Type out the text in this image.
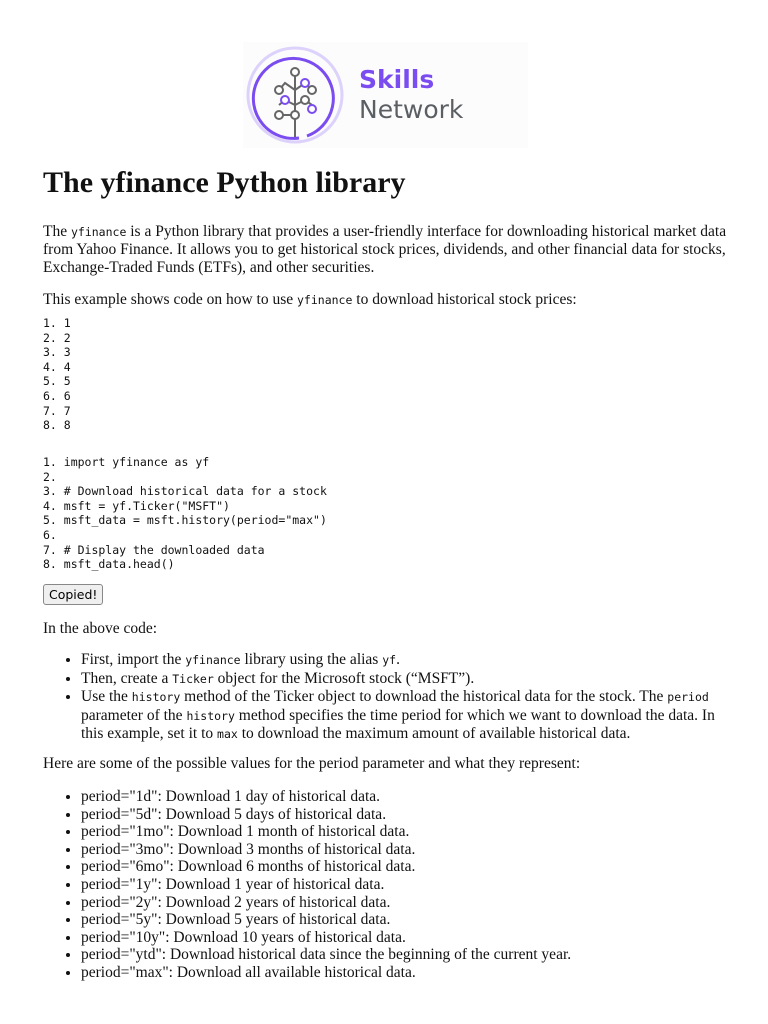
Skills
Network
The yfinance Python library

The yfinance is a Python library that provides a user-friendly interface for downloading historical market data from Yahoo Finance. It allows you to get historical stock prices, dividends, and other financial data for stocks, Exchange-Traded Funds (ETFs), and other securities.

This example shows code on how to use yfinance to download historical stock prices:

1. 1
2. 2
3. 3
4. 4
5. 5
6. 6
7. 7
8. 8
1. import yfinance as yf
2.
3. # Download historical data for a stock
4. msft = yf.Ticker("MSFT")
5. msft_data = msft.history(period="max")
6.
7. # Display the downloaded data
8. msft_data.head()
Copied!

In the above code:

• First, import the yfinance library using the alias yf.
• Then, create a Ticker object for the Microsoft stock (“MSFT”).
• Use the history method of the Ticker object to download the historical data for the stock. The period parameter of the history method specifies the time period for which we want to download the data. In this example, set it to max to download the maximum amount of available historical data.

Here are some of the possible values for the period parameter and what they represent:

• period="1d": Download 1 day of historical data.
• period="5d": Download 5 days of historical data.
• period="1mo": Download 1 month of historical data.
• period="3mo": Download 3 months of historical data.
• period="6mo": Download 6 months of historical data.
• period="1y": Download 1 year of historical data.
• period="2y": Download 2 years of historical data.
• period="5y": Download 5 years of historical data.
• period="10y": Download 10 years of historical data.
• period="ytd": Download historical data since the beginning of the current year.
• period="max": Download all available historical data.
